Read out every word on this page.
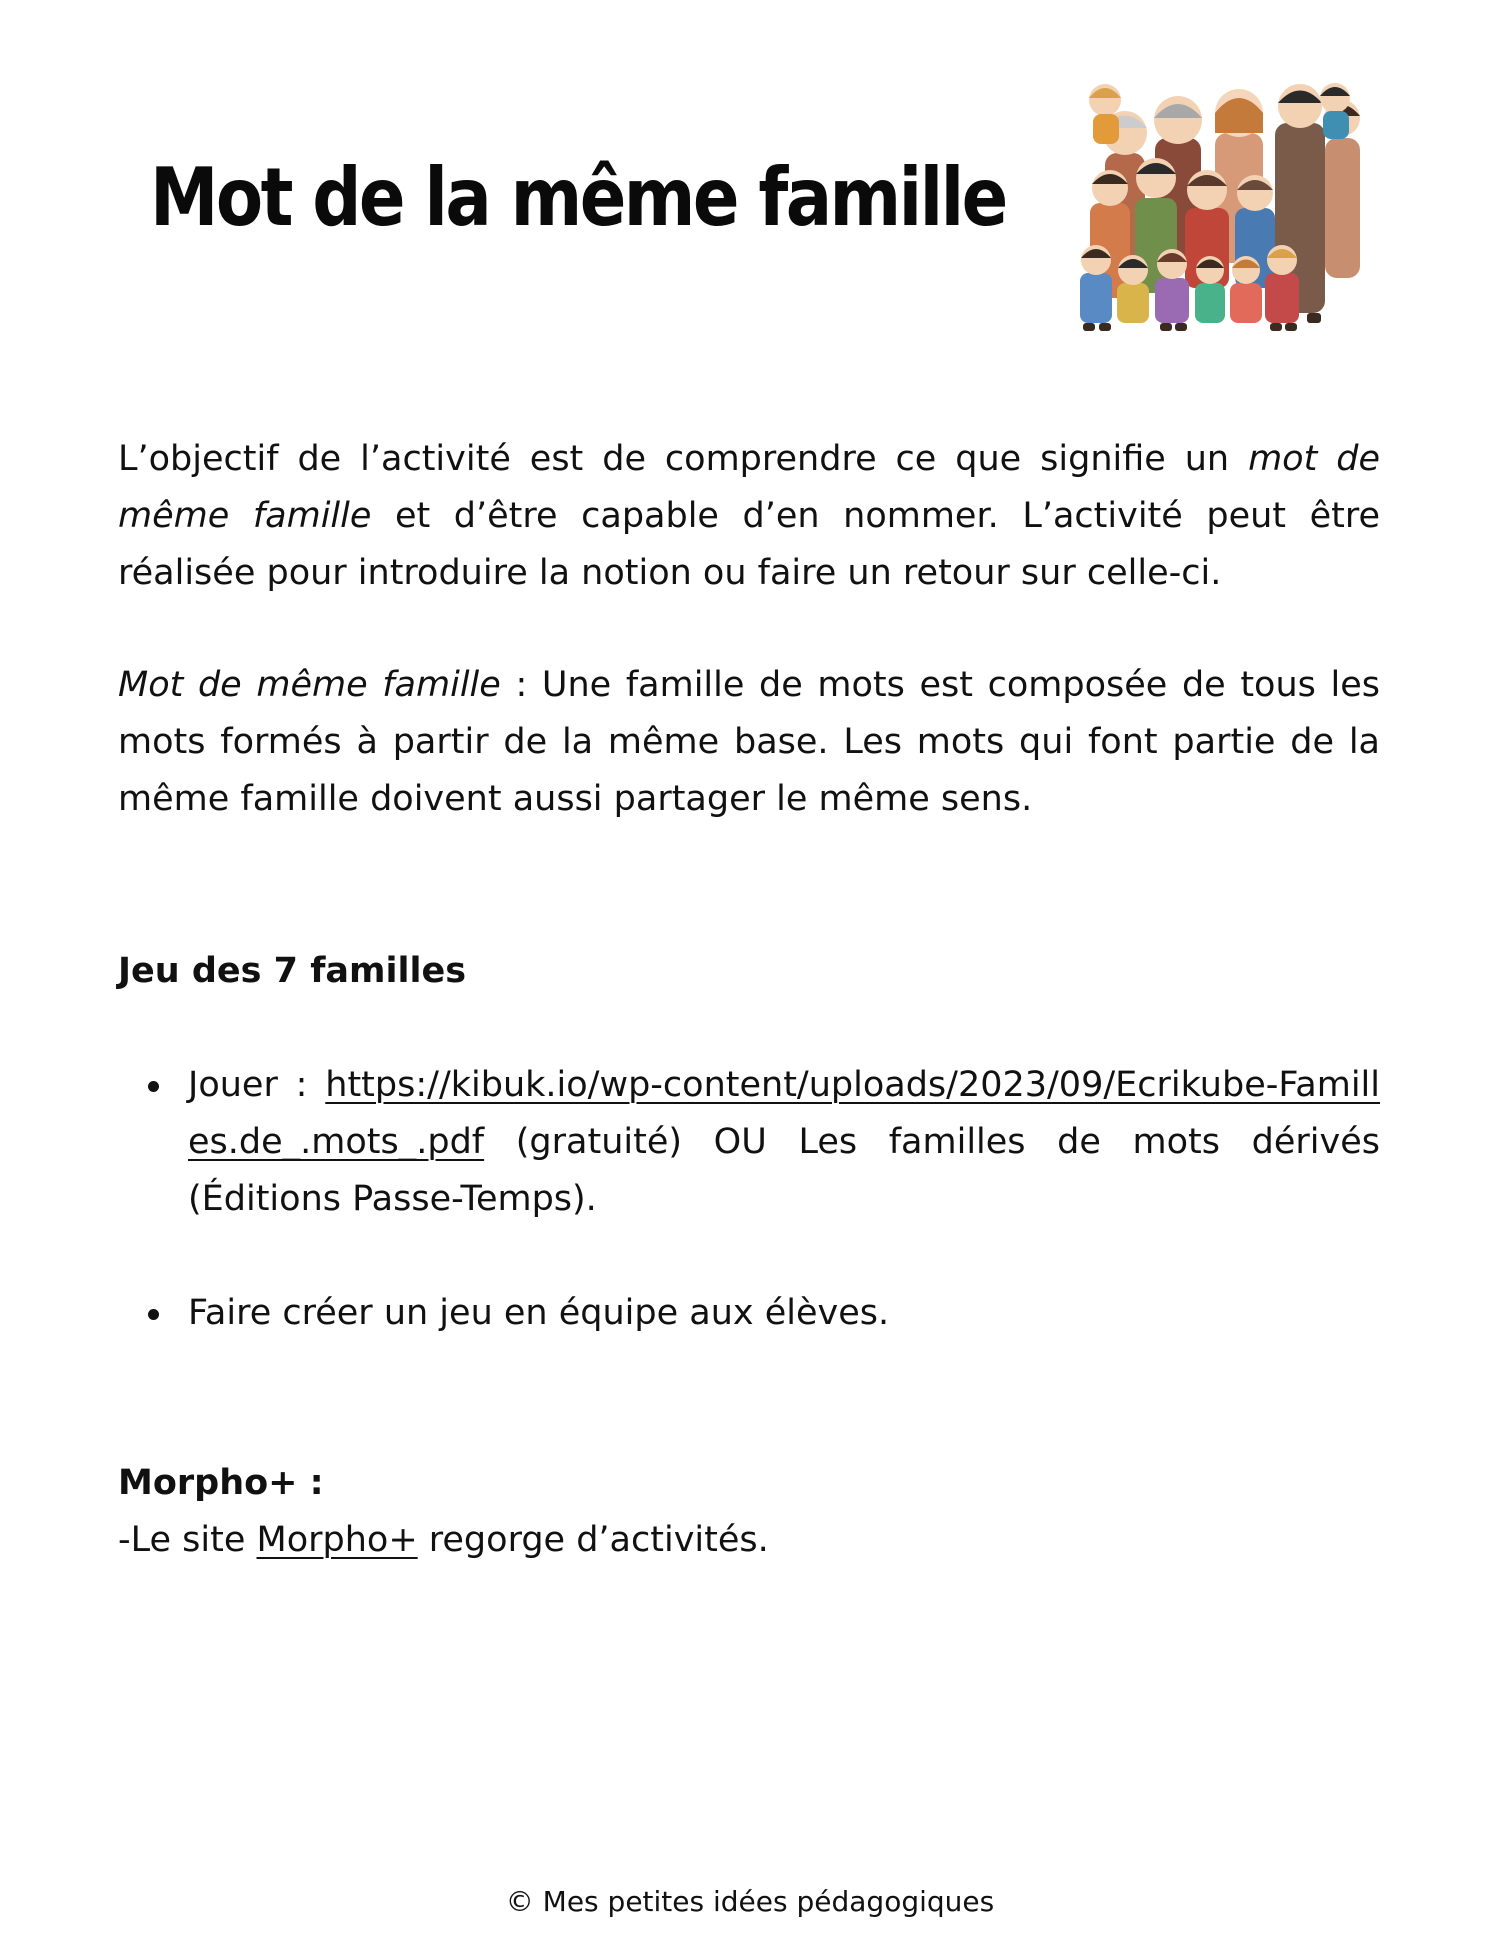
Mot de la même famille

L’objectif de l’activité est de comprendre ce que signifie un mot de même famille et d’être capable d’en nommer. L’activité peut être réalisée pour introduire la notion ou faire un retour sur celle-ci.

Mot de même famille : Une famille de mots est composée de tous les mots formés à partir de la même base. Les mots qui font partie de la même famille doivent aussi partager le même sens.

Jeu des 7 familles
Jouer : https://kibuk.io/wp-content/uploads/2023/09/Ecrikube-Familles.de_.mots_.pdf (gratuité) OU Les familles de mots dérivés (Éditions Passe-Temps).
Faire créer un jeu en équipe aux élèves.
Morpho+ :
-Le site Morpho+ regorge d’activités.
© Mes petites idées pédagogiques
